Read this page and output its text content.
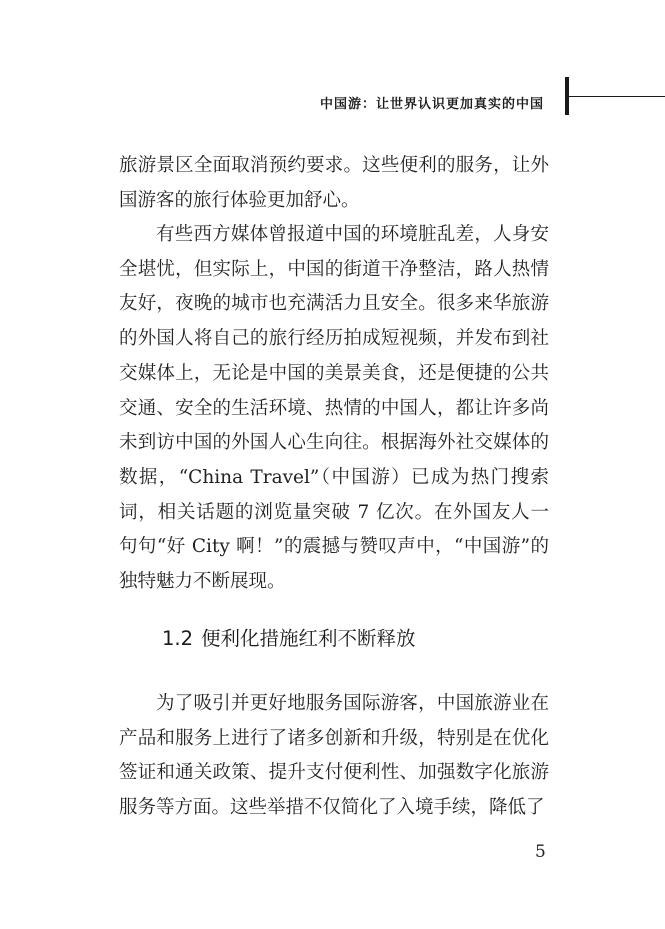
中国游：让世界认识更加真实的中国

旅游景区全面取消预约要求。这些便利的服务，让外国游客的旅行体验更加舒心。

有些西方媒体曾报道中国的环境脏乱差，人身安全堪忧，但实际上，中国的街道干净整洁，路人热情友好，夜晚的城市也充满活力且安全。很多来华旅游的外国人将自己的旅行经历拍成短视频，并发布到社交媒体上，无论是中国的美景美食，还是便捷的公共交通、安全的生活环境、热情的中国人，都让许多尚未到访中国的外国人心生向往。根据海外社交媒体的数据，“China Travel”（中国游）已成为热门搜索词，相关话题的浏览量突破 7 亿次。在外国友人一句句“好 City 啊！”的震撼与赞叹声中，“中国游”的独特魅力不断展现。

1.2 便利化措施红利不断释放

为了吸引并更好地服务国际游客，中国旅游业在产品和服务上进行了诸多创新和升级，特别是在优化签证和通关政策、提升支付便利性、加强数字化旅游服务等方面。这些举措不仅简化了入境手续，降低了

5
